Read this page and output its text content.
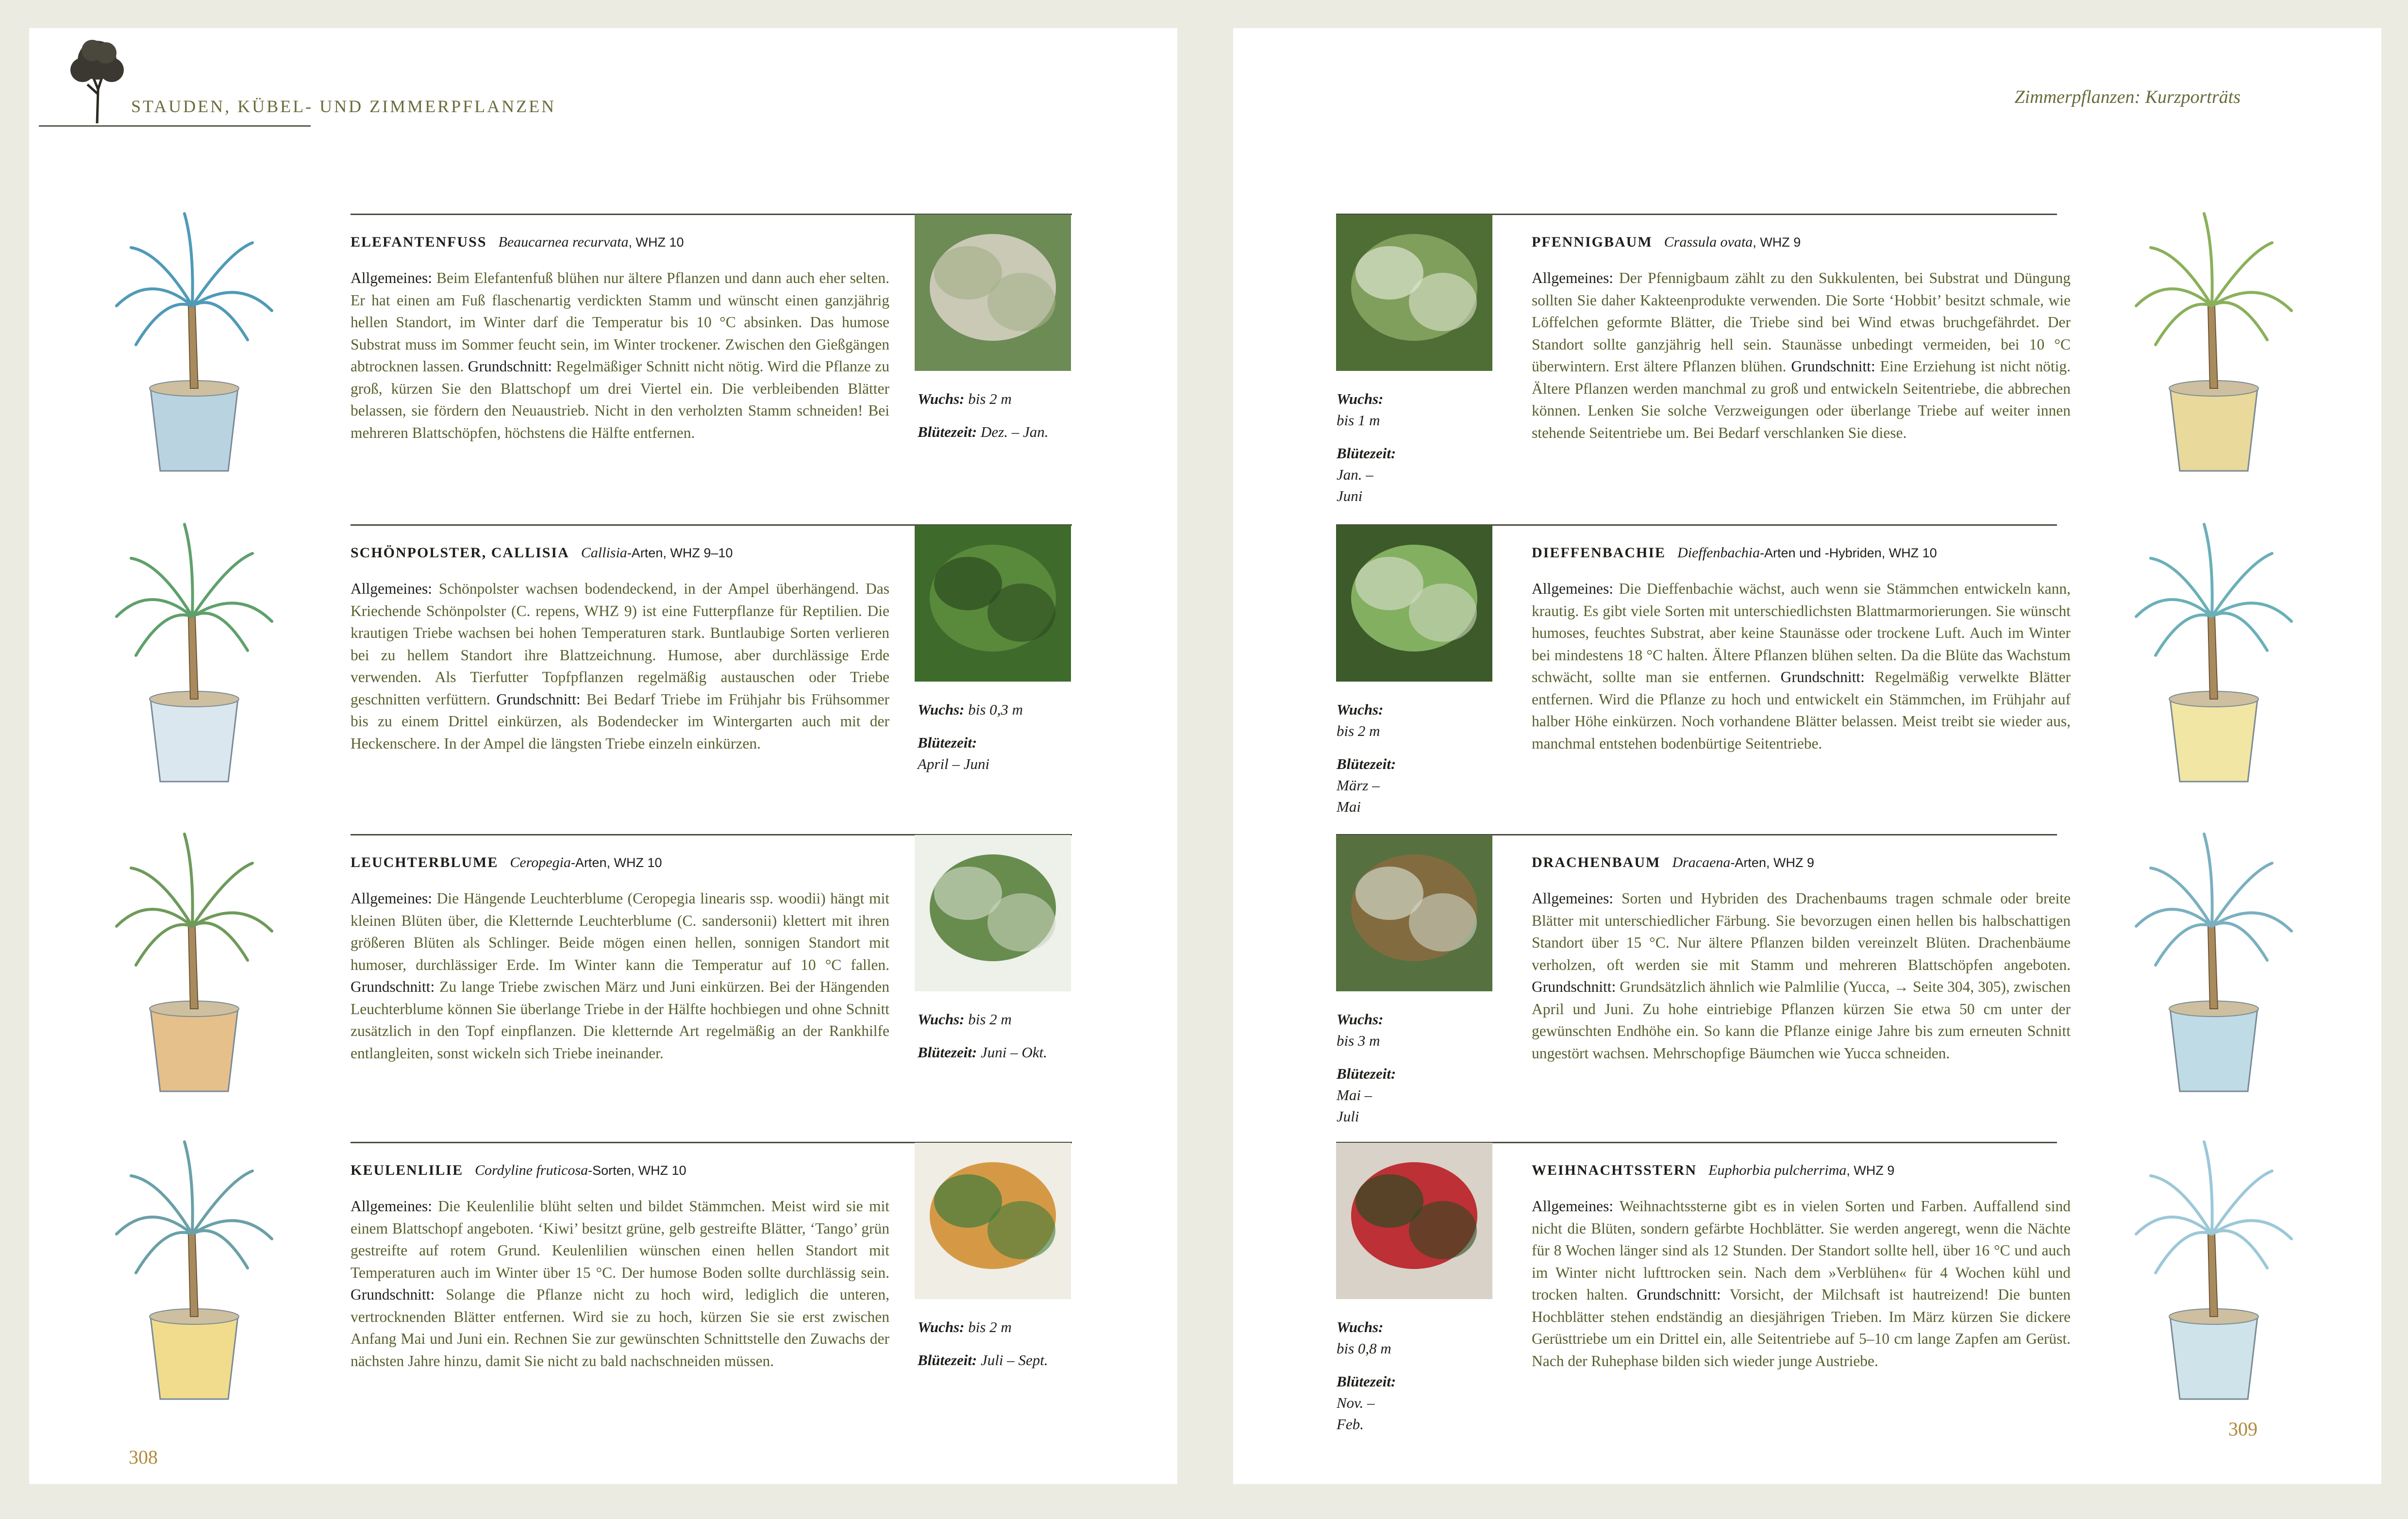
STAUDEN, KÜBEL- UND ZIMMERPFLANZEN
308
Zimmerpflanzen: Kurzporträts
309
ELEFANTENFUSS Beaucarnea recurvata, WHZ 10
Allgemeines: Beim Elefantenfuß blühen nur ältere Pflanzen und dann auch eher selten. Er hat einen am Fuß flaschenartig verdickten Stamm und wünscht einen ganzjährig hellen Standort, im Winter darf die Temperatur bis 10 °C absinken. Das humose Substrat muss im Sommer feucht sein, im Winter trockener. Zwischen den Gießgängen abtrocknen lassen. Grundschnitt: Regelmäßiger Schnitt nicht nötig. Wird die Pflanze zu groß, kürzen Sie den Blattschopf um drei Viertel ein. Die verbleibenden Blätter belassen, sie fördern den Neuaustrieb. Nicht in den verholzten Stamm schneiden! Bei mehreren Blattschöpfen, höchstens die Hälfte entfernen.
Wuchs: bis 2 m
Blütezeit: Dez. – Jan.
PFENNIGBAUM Crassula ovata, WHZ 9
Allgemeines: Der Pfennigbaum zählt zu den Sukkulenten, bei Substrat und Düngung sollten Sie daher Kakteenprodukte verwenden. Die Sorte ‘Hobbit’ besitzt schmale, wie Löffelchen geformte Blätter, die Triebe sind bei Wind etwas bruchgefährdet. Der Standort sollte ganzjährig hell sein. Staunässe unbedingt vermeiden, bei 10 °C überwintern. Erst ältere Pflanzen blühen. Grundschnitt: Eine Erziehung ist nicht nötig. Ältere Pflanzen werden manchmal zu groß und entwickeln Seitentriebe, die abbrechen können. Lenken Sie solche Verzweigungen oder überlange Triebe auf weiter innen stehende Seitentriebe um. Bei Bedarf verschlanken Sie diese.
Wuchs: bis 1 m
Blütezeit: Jan. – Juni
SCHÖNPOLSTER, CALLISIA Callisia-Arten, WHZ 9–10
Allgemeines: Schönpolster wachsen bodendeckend, in der Ampel überhängend. Das Kriechende Schönpolster (C. repens, WHZ 9) ist eine Futterpflanze für Reptilien. Die krautigen Triebe wachsen bei hohen Temperaturen stark. Buntlaubige Sorten verlieren bei zu hellem Standort ihre Blattzeichnung. Humose, aber durchlässige Erde verwenden. Als Tierfutter Topfpflanzen regelmäßig austauschen oder Triebe geschnitten verfüttern. Grundschnitt: Bei Bedarf Triebe im Frühjahr bis Frühsommer bis zu einem Drittel einkürzen, als Bodendecker im Wintergarten auch mit der Heckenschere. In der Ampel die längsten Triebe einzeln einkürzen.
Wuchs: bis 0,3 m
Blütezeit:
April – Juni
DIEFFENBACHIE Dieffenbachia-Arten und -Hybriden, WHZ 10
Allgemeines: Die Dieffenbachie wächst, auch wenn sie Stämmchen entwickeln kann, krautig. Es gibt viele Sorten mit unterschiedlichsten Blattmarmorierungen. Sie wünscht humoses, feuchtes Substrat, aber keine Staunässe oder trockene Luft. Auch im Winter bei mindestens 18 °C halten. Ältere Pflanzen blühen selten. Da die Blüte das Wachstum schwächt, sollte man sie entfernen. Grundschnitt: Regelmäßig verwelkte Blätter entfernen. Wird die Pflanze zu hoch und entwickelt ein Stämmchen, im Frühjahr auf halber Höhe einkürzen. Noch vorhandene Blätter belassen. Meist treibt sie wieder aus, manchmal entstehen bodenbürtige Seitentriebe.
Wuchs: bis 2 m
Blütezeit:
März – Mai
LEUCHTERBLUME Ceropegia-Arten, WHZ 10
Allgemeines: Die Hängende Leuchterblume (Ceropegia linearis ssp. woodii) hängt mit kleinen Blüten über, die Kletternde Leuchterblume (C. sandersonii) klettert mit ihren größeren Blüten als Schlinger. Beide mögen einen hellen, sonnigen Standort mit humoser, durchlässiger Erde. Im Winter kann die Temperatur auf 10 °C fallen. Grundschnitt: Zu lange Triebe zwischen März und Juni einkürzen. Bei der Hängenden Leuchterblume können Sie überlange Triebe in der Hälfte hochbiegen und ohne Schnitt zusätzlich in den Topf einpflanzen. Die kletternde Art regelmäßig an der Rankhilfe entlangleiten, sonst wickeln sich Triebe ineinander.
Wuchs: bis 2 m
Blütezeit: Juni – Okt.
DRACHENBAUM Dracaena-Arten, WHZ 9
Allgemeines: Sorten und Hybriden des Drachenbaums tragen schmale oder breite Blätter mit unterschiedlicher Färbung. Sie bevorzugen einen hellen bis halbschattigen Standort über 15 °C. Nur ältere Pflanzen bilden vereinzelt Blüten. Drachenbäume verholzen, oft werden sie mit Stamm und mehreren Blattschöpfen angeboten. Grundschnitt: Grundsätzlich ähnlich wie Palmlilie (Yucca, → Seite 304, 305), zwischen April und Juni. Zu hohe eintriebige Pflanzen kürzen Sie etwa 50 cm unter der gewünschten Endhöhe ein. So kann die Pflanze einige Jahre bis zum erneuten Schnitt ungestört wachsen. Mehrschopfige Bäumchen wie Yucca schneiden.
Wuchs: bis 3 m
Blütezeit: Mai – Juli
KEULENLILIE Cordyline fruticosa-Sorten, WHZ 10
Allgemeines: Die Keulenlilie blüht selten und bildet Stämmchen. Meist wird sie mit einem Blattschopf angeboten. ‘Kiwi’ besitzt grüne, gelb gestreifte Blätter, ‘Tango’ grün gestreifte auf rotem Grund. Keulenlilien wünschen einen hellen Standort mit Temperaturen auch im Winter über 15 °C. Der humose Boden sollte durchlässig sein. Grundschnitt: Solange die Pflanze nicht zu hoch wird, lediglich die unteren, vertrocknenden Blätter entfernen. Wird sie zu hoch, kürzen Sie sie erst zwischen Anfang Mai und Juni ein. Rechnen Sie zur gewünschten Schnittstelle den Zuwachs der nächsten Jahre hinzu, damit Sie nicht zu bald nachschneiden müssen.
Wuchs: bis 2 m
Blütezeit: Juli – Sept.
WEIHNACHTSSTERN Euphorbia pulcherrima, WHZ 9
Allgemeines: Weihnachtssterne gibt es in vielen Sorten und Farben. Auffallend sind nicht die Blüten, sondern gefärbte Hochblätter. Sie werden angeregt, wenn die Nächte für 8 Wochen länger sind als 12 Stunden. Der Standort sollte hell, über 16 °C und auch im Winter nicht lufttrocken sein. Nach dem »Verblühen« für 4 Wochen kühl und trocken halten. Grundschnitt: Vorsicht, der Milchsaft ist hautreizend! Die bunten Hochblätter stehen endständig an diesjährigen Trieben. Im März kürzen Sie dickere Gerüsttriebe um ein Drittel ein, alle Seitentriebe auf 5–10 cm lange Zapfen am Gerüst. Nach der Ruhephase bilden sich wieder junge Austriebe.
Wuchs: bis 0,8 m
Blütezeit: Nov. – Feb.
